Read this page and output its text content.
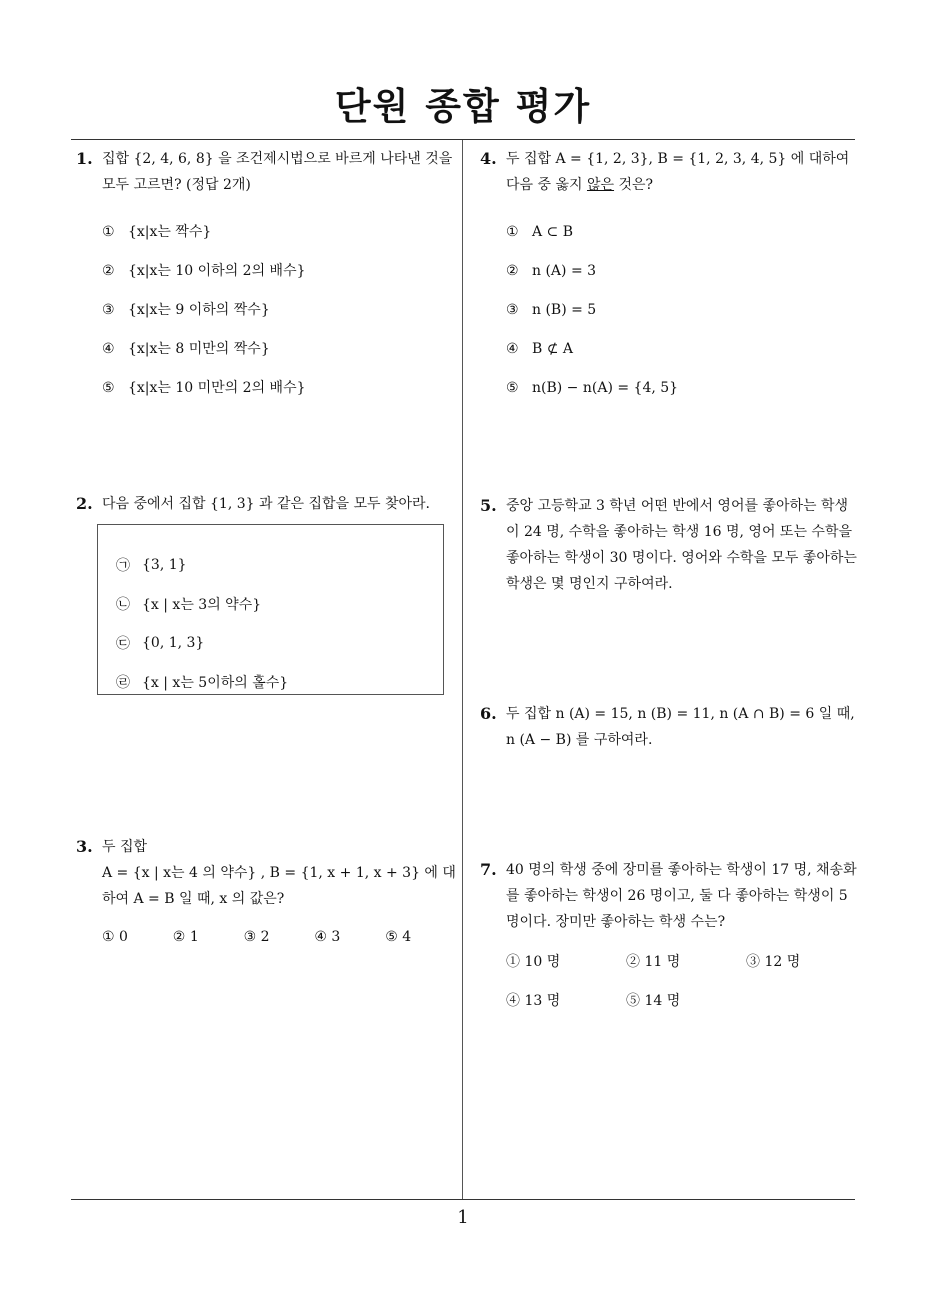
단원 종합 평가
1
1. 집합 {2, 4, 6, 8} 을 조건제시법으로 바르게 나타낸 것을 모두 고르면? (정답 2개)
① {x|x는 짝수}
② {x|x는 10 이하의 2의 배수}
③ {x|x는 9 이하의 짝수}
④ {x|x는 8 미만의 짝수}
⑤ {x|x는 10 미만의 2의 배수}
2. 다음 중에서 집합 {1, 3} 과 같은 집합을 모두 찾아라.
㉠ {3, 1}
㉡ {x | x는 3의 약수}
㉢ {0, 1, 3}
㉣ {x | x는 5이하의 홀수}
3. 두 집합
A = {x | x는 4 의 약수} , B = {1, x + 1, x + 3} 에 대하여 A = B 일 때, x 의 값은?
① 0	② 1	③ 2	④ 3	⑤ 4
4. 두 집합 A = {1, 2, 3}, B = {1, 2, 3, 4, 5} 에 대하여
다음 중 옳지 않은 것은?
① A ⊂ B
② n (A) = 3
③ n (B) = 5
④ B ⊄ A
⑤ n(B) − n(A) = {4, 5}
5. 중앙 고등학교 3 학년 어떤 반에서 영어를 좋아하는 학생이 24 명, 수학을 좋아하는 학생 16 명, 영어 또는 수학을 좋아하는 학생이 30 명이다. 영어와 수학을 모두 좋아하는 학생은 몇 명인지 구하여라.
6. 두 집합 n (A) = 15, n (B) = 11, n (A ∩ B) = 6 일 때,
n (A − B) 를 구하여라.
7. 40 명의 학생 중에 장미를 좋아하는 학생이 17 명, 채송화를 좋아하는 학생이 26 명이고, 둘 다 좋아하는 학생이 5 명이다. 장미만 좋아하는 학생 수는?
① 10 명	② 11 명	③ 12 명
④ 13 명	⑤ 14 명
